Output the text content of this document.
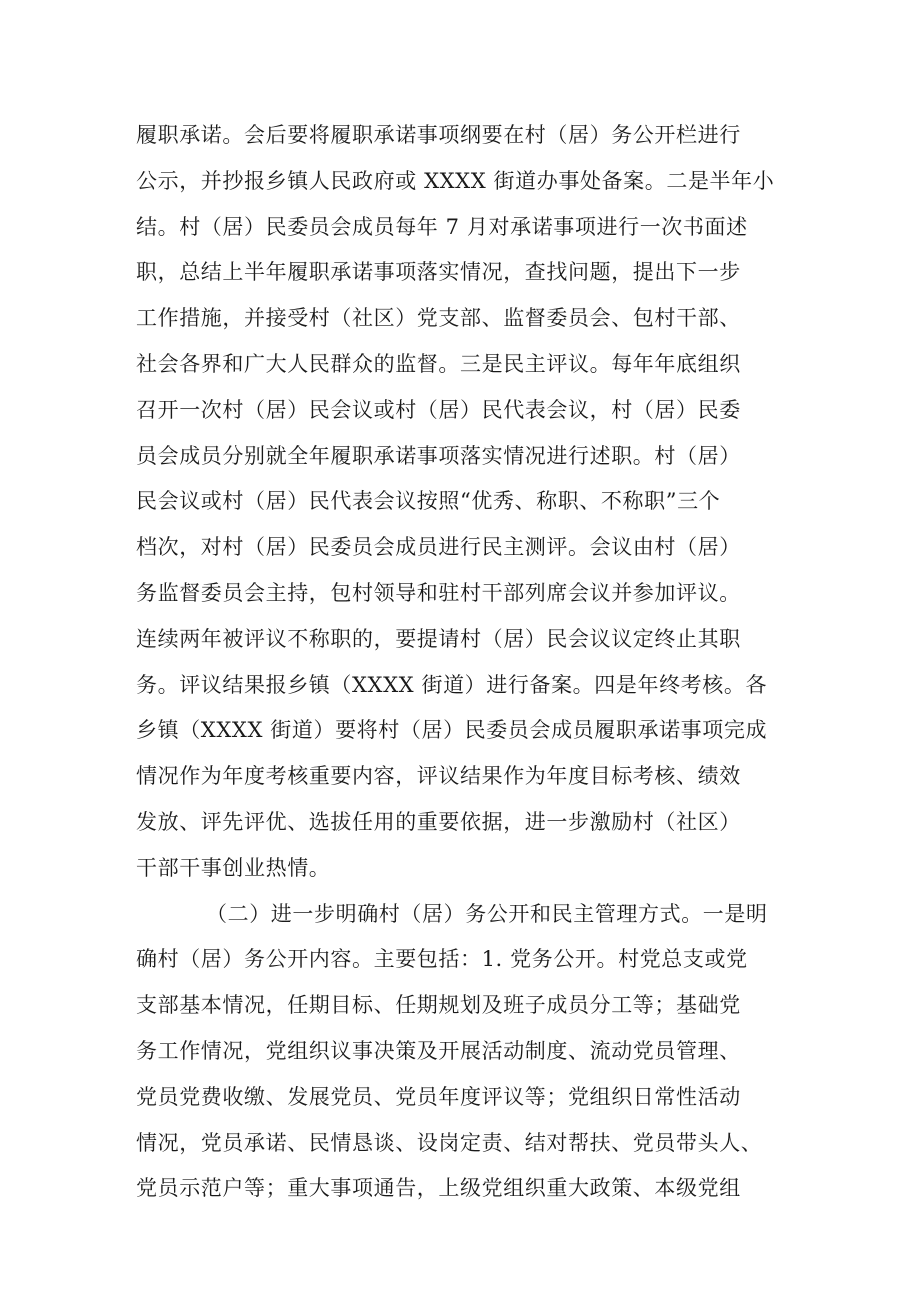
履职承诺。会后要将履职承诺事项纲要在村（居）务公开栏进行
公示，并抄报乡镇人民政府或 XXXX 街道办事处备案。二是半年小
结。村（居）民委员会成员每年 7 月对承诺事项进行一次书面述
职，总结上半年履职承诺事项落实情况，查找问题，提出下一步
工作措施，并接受村（社区）党支部、监督委员会、包村干部、
社会各界和广大人民群众的监督。三是民主评议。每年年底组织
召开一次村（居）民会议或村（居）民代表会议，村（居）民委
员会成员分别就全年履职承诺事项落实情况进行述职。村（居）
民会议或村（居）民代表会议按照“优秀、称职、不称职”三个
档次，对村（居）民委员会成员进行民主测评。会议由村（居）
务监督委员会主持，包村领导和驻村干部列席会议并参加评议。
连续两年被评议不称职的，要提请村（居）民会议议定终止其职
务。评议结果报乡镇（XXXX 街道）进行备案。四是年终考核。各
乡镇（XXXX 街道）要将村（居）民委员会成员履职承诺事项完成
情况作为年度考核重要内容，评议结果作为年度目标考核、绩效
发放、评先评优、选拔任用的重要依据，进一步激励村（社区）
干部干事创业热情。
（二）进一步明确村（居）务公开和民主管理方式。一是明
确村（居）务公开内容。主要包括：1. 党务公开。村党总支或党
支部基本情况，任期目标、任期规划及班子成员分工等；基础党
务工作情况，党组织议事决策及开展活动制度、流动党员管理、
党员党费收缴、发展党员、党员年度评议等；党组织日常性活动
情况，党员承诺、民情恳谈、设岗定责、结对帮扶、党员带头人、
党员示范户等；重大事项通告，上级党组织重大政策、本级党组
